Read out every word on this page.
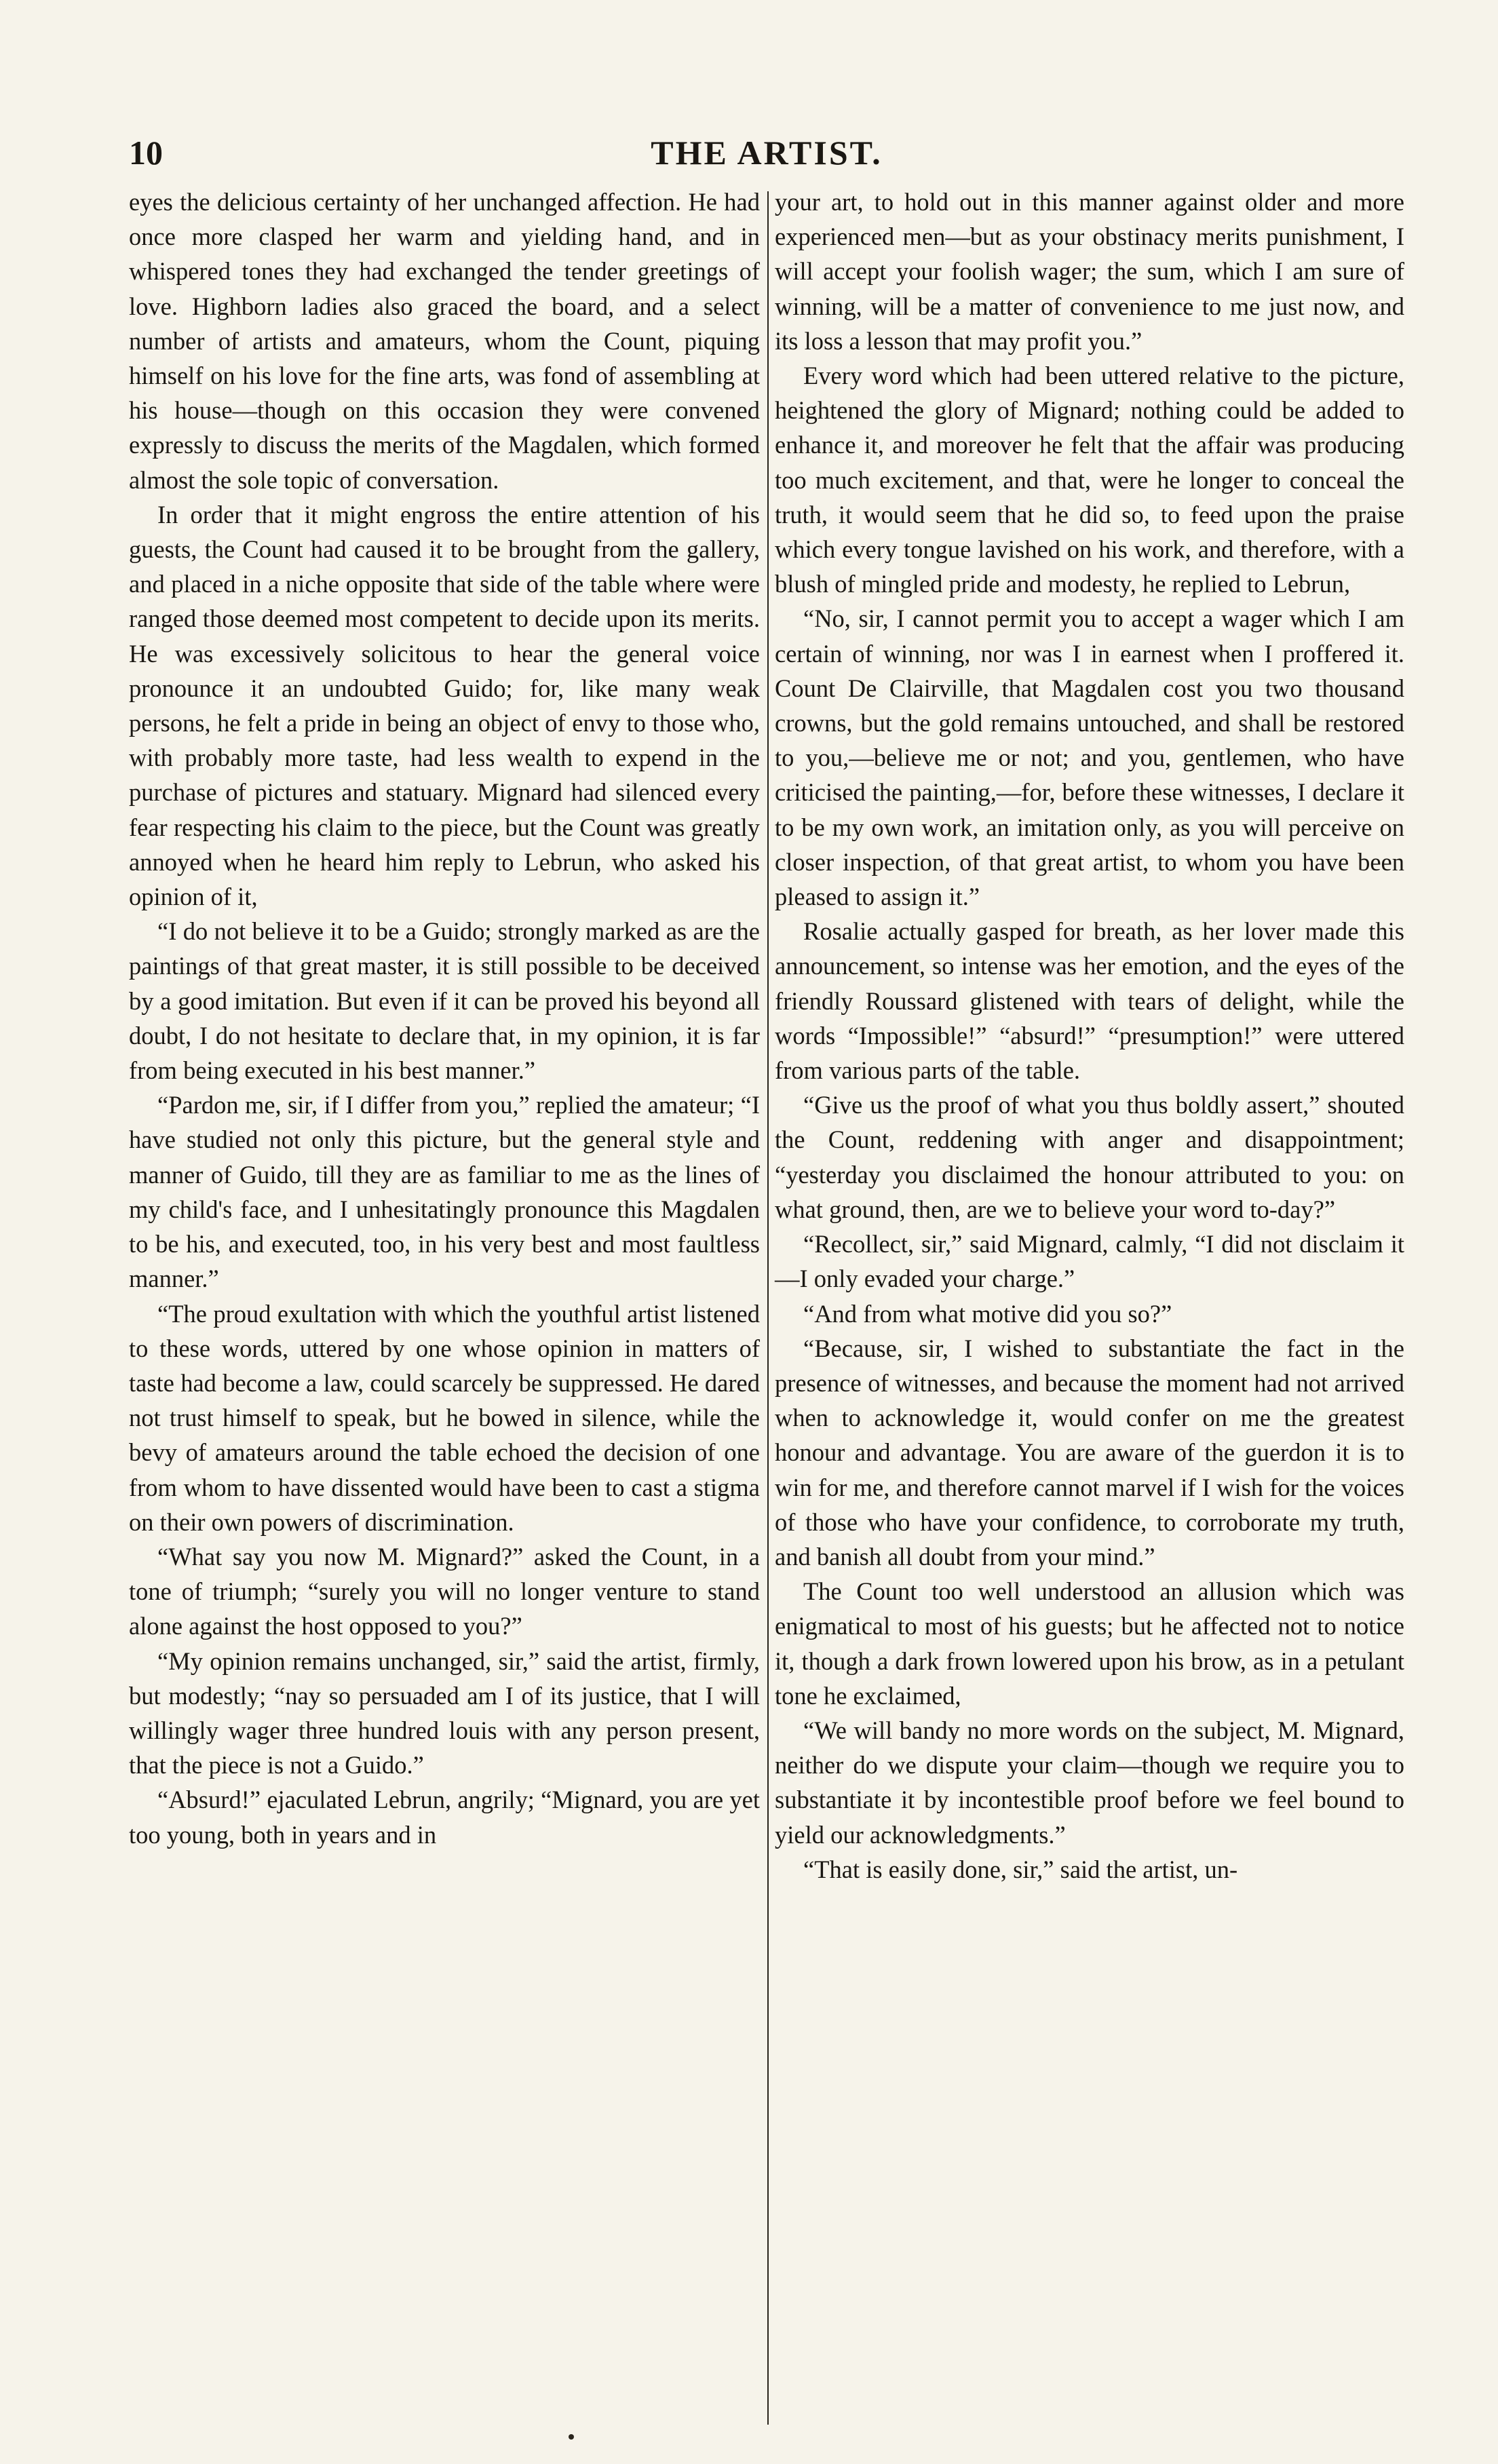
10	THE ARTIST.

eyes the delicious certainty of her unchanged affection. He had once more clasped her warm and yielding hand, and in whispered tones they had exchanged the tender greetings of love. Highborn ladies also graced the board, and a select number of artists and amateurs, whom the Count, piquing himself on his love for the fine arts, was fond of assembling at his house—though on this occasion they were convened expressly to discuss the merits of the Magdalen, which formed almost the sole topic of conversation.

In order that it might engross the entire attention of his guests, the Count had caused it to be brought from the gallery, and placed in a niche opposite that side of the table where were ranged those deemed most competent to decide upon its merits. He was excessively solicitous to hear the general voice pronounce it an undoubted Guido; for, like many weak persons, he felt a pride in being an object of envy to those who, with probably more taste, had less wealth to expend in the purchase of pictures and statuary. Mignard had silenced every fear respecting his claim to the piece, but the Count was greatly annoyed when he heard him reply to Lebrun, who asked his opinion of it,

“I do not believe it to be a Guido; strongly marked as are the paintings of that great master, it is still possible to be deceived by a good imitation. But even if it can be proved his beyond all doubt, I do not hesitate to declare that, in my opinion, it is far from being executed in his best manner.”

“Pardon me, sir, if I differ from you,” replied the amateur; “I have studied not only this picture, but the general style and manner of Guido, till they are as familiar to me as the lines of my child's face, and I unhesitatingly pronounce this Magdalen to be his, and executed, too, in his very best and most faultless manner.”

“The proud exultation with which the youthful artist listened to these words, uttered by one whose opinion in matters of taste had become a law, could scarcely be suppressed. He dared not trust himself to speak, but he bowed in silence, while the bevy of amateurs around the table echoed the decision of one from whom to have dissented would have been to cast a stigma on their own powers of discrimination.

“What say you now M. Mignard?” asked the Count, in a tone of triumph; “surely you will no longer venture to stand alone against the host opposed to you?”

“My opinion remains unchanged, sir,” said the artist, firmly, but modestly; “nay so persuaded am I of its justice, that I will willingly wager three hundred louis with any person present, that the piece is not a Guido.”

“Absurd!” ejaculated Lebrun, angrily; “Mignard, you are yet too young, both in years and in

your art, to hold out in this manner against older and more experienced men—but as your obstinacy merits punishment, I will accept your foolish wager; the sum, which I am sure of winning, will be a matter of convenience to me just now, and its loss a lesson that may profit you.”

Every word which had been uttered relative to the picture, heightened the glory of Mignard; nothing could be added to enhance it, and moreover he felt that the affair was producing too much excitement, and that, were he longer to conceal the truth, it would seem that he did so, to feed upon the praise which every tongue lavished on his work, and therefore, with a blush of mingled pride and modesty, he replied to Lebrun,

“No, sir, I cannot permit you to accept a wager which I am certain of winning, nor was I in earnest when I proffered it. Count De Clairville, that Magdalen cost you two thousand crowns, but the gold remains untouched, and shall be restored to you,—believe me or not; and you, gentlemen, who have criticised the painting,—for, before these witnesses, I declare it to be my own work, an imitation only, as you will perceive on closer inspection, of that great artist, to whom you have been pleased to assign it.”

Rosalie actually gasped for breath, as her lover made this announcement, so intense was her emotion, and the eyes of the friendly Roussard glistened with tears of delight, while the words “Impossible!” “absurd!” “presumption!” were uttered from various parts of the table.

“Give us the proof of what you thus boldly assert,” shouted the Count, reddening with anger and disappointment; “yesterday you disclaimed the honour attributed to you: on what ground, then, are we to believe your word to-day?”

“Recollect, sir,” said Mignard, calmly, “I did not disclaim it—I only evaded your charge.”

“And from what motive did you so?”

“Because, sir, I wished to substantiate the fact in the presence of witnesses, and because the moment had not arrived when to acknowledge it, would confer on me the greatest honour and advantage. You are aware of the guerdon it is to win for me, and therefore cannot marvel if I wish for the voices of those who have your confidence, to corroborate my truth, and banish all doubt from your mind.”

The Count too well understood an allusion which was enigmatical to most of his guests; but he affected not to notice it, though a dark frown lowered upon his brow, as in a petulant tone he exclaimed,

“We will bandy no more words on the subject, M. Mignard, neither do we dispute your claim—though we require you to substantiate it by incontestible proof before we feel bound to yield our acknowledgments.”

“That is easily done, sir,” said the artist, un-
